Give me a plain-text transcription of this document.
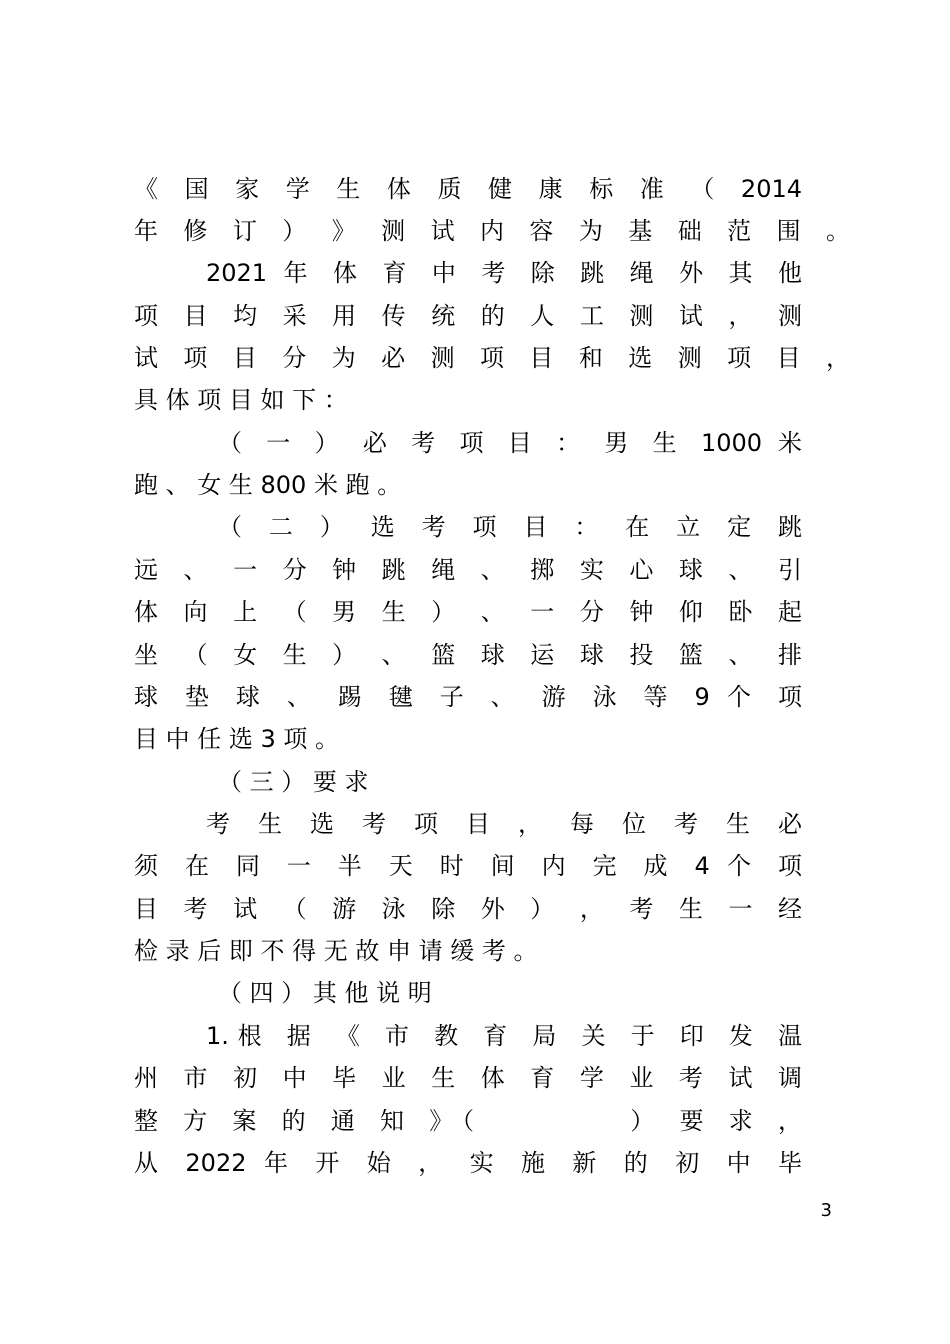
《 国 家 学 生 体 质 健 康 标 准 （ 2014
年 修 订 ） 》 测 试 内 容 为 基 础 范 围 。
2021 年 体 育 中 考 除 跳 绳 外 其 他
项 目 均 采 用 传 统 的 人 工 测 试 ， 测
试 项 目 分 为 必 测 项 目 和 选 测 项 目 ，
具 体 项 目 如 下 ：
（ 一 ） 必 考 项 目 ： 男 生 1000 米
跑 、 女 生 800 米 跑 。
（ 二 ） 选 考 项 目 ： 在 立 定 跳
远 、 一 分 钟 跳 绳 、 掷 实 心 球 、 引
体 向 上 （ 男 生 ） 、 一 分 钟 仰 卧 起
坐 （ 女 生 ） 、 篮 球 运 球 投 篮 、 排
球 垫 球 、 踢 毽 子 、 游 泳 等 9 个 项
目 中 任 选 3 项 。
（ 三 ） 要 求
考 生 选 考 项 目 ， 每 位 考 生 必
须 在 同 一 半 天 时 间 内 完 成 4 个 项
目 考 试 （ 游 泳 除 外 ） ， 考 生 一 经
检 录 后 即 不 得 无 故 申 请 缓 考 。
（ 四 ） 其 他 说 明
1.根 据 《 市 教 育 局 关 于 印 发 温
州 市 初 中 毕 业 生 体 育 学 业 考 试 调
整 方 案 的 通 知 》（　　　　 ） 要 求 ，
从 2022 年 开 始 ， 实 施 新 的 初 中 毕
3
